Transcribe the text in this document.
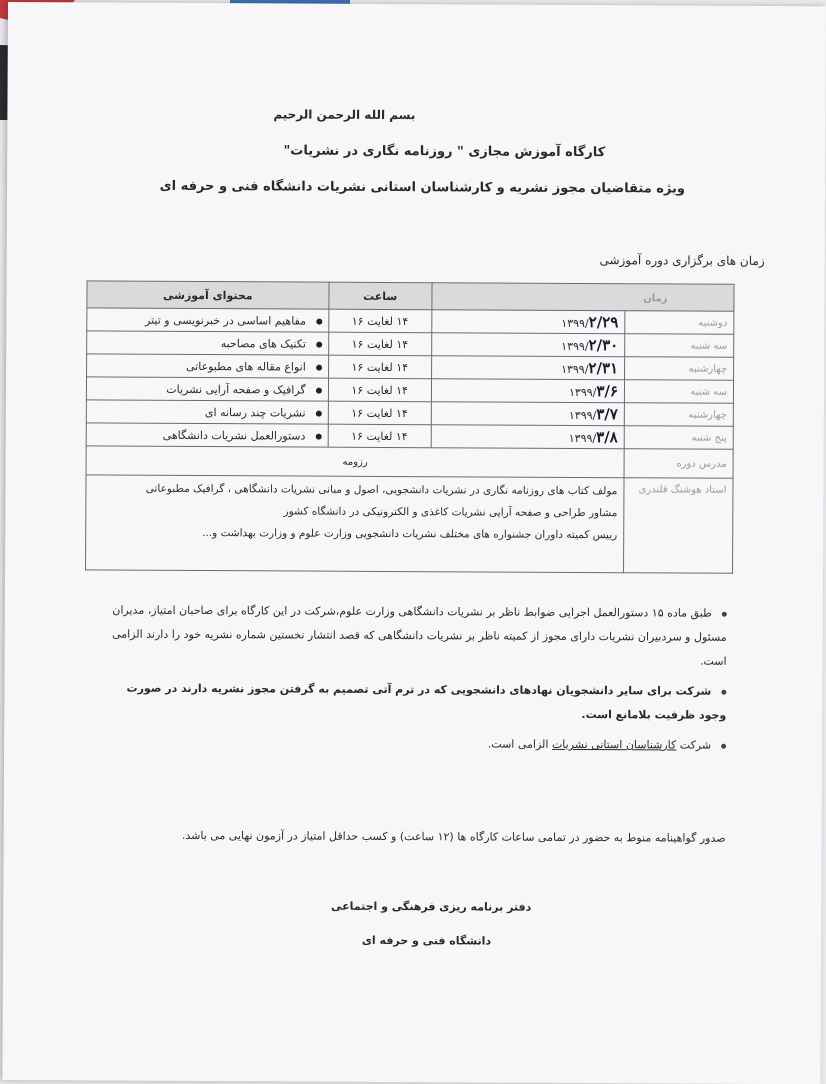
بسم الله الرحمن الرحیم
کارگاه آموزش مجازی " روزنامه نگاری در نشریات"
ویژه متقاضیان مجوز نشریه و کارشناسان استانی نشریات دانشگاه فنی و حرفه ای
زمان های برگزاری دوره آموزشی
زمان		ساعت	محتوای آموزشی
دوشنبه	۱۳۹۹/۲/۲۹	۱۴ لغایت ۱۶	مفاهیم اساسی در خبرنویسی و تیتر
سه شنبه	۱۳۹۹/۲/۳۰	۱۴ لغایت ۱۶	تکنیک های مصاحبه
چهارشنبه	۱۳۹۹/۲/۳۱	۱۴ لغایت ۱۶	انواع مقاله های مطبوعاتی
سه شنبه	۱۳۹۹/۳/۶	۱۴ لغایت ۱۶	گرافیک و صفحه آرایی نشریات
چهارشنبه	۱۳۹۹/۳/۷	۱۴ لغایت ۱۶	نشریات چند رسانه ای
پنج شنبه	۱۳۹۹/۳/۸	۱۴ لغایت ۱۶	دستورالعمل نشریات دانشگاهی
مدرس دوره	رزومه		
استاد هوشنگ قلندری	مولف کتاب های روزنامه نگاری در نشریات دانشجویی، اصول و مبانی نشریات دانشگاهی ، گرافیک مطبوعاتی
مشاور طراحی و صفحه آرایی نشریات کاغذی و الکترونیکی در دانشگاه کشور
رییس کمیته داوران جشنواره های مختلف نشریات دانشجویی وزارت علوم و وزارت بهداشت و...		

طبق ماده ۱۵ دستورالعمل اجرایی ضوابط ناظر بر نشریات دانشگاهی وزارت علوم،شرکت در این کارگاه برای صاحبان امتیاز، مدیران مسئول و سردبیران نشریات دارای مجوز از کمیته ناظر بر نشریات دانشگاهی که قصد انتشار نخستین شماره نشریه خود را دارند الزامی است.

شرکت برای سایر دانشجویان نهادهای دانشجویی که در ترم آتی تصمیم به گرفتن مجوز نشریه دارند در صورت وجود ظرفیت بلامانع است.

شرکت کارشناسان استانی نشریات الزامی است.

صدور گواهینامه منوط به حضور در تمامی ساعات کارگاه ها (۱۲ ساعت) و کسب حداقل امتیاز در آزمون نهایی می باشد.
دفتر برنامه ریزی فرهنگی و اجتماعی
دانشگاه فنی و حرفه ای
